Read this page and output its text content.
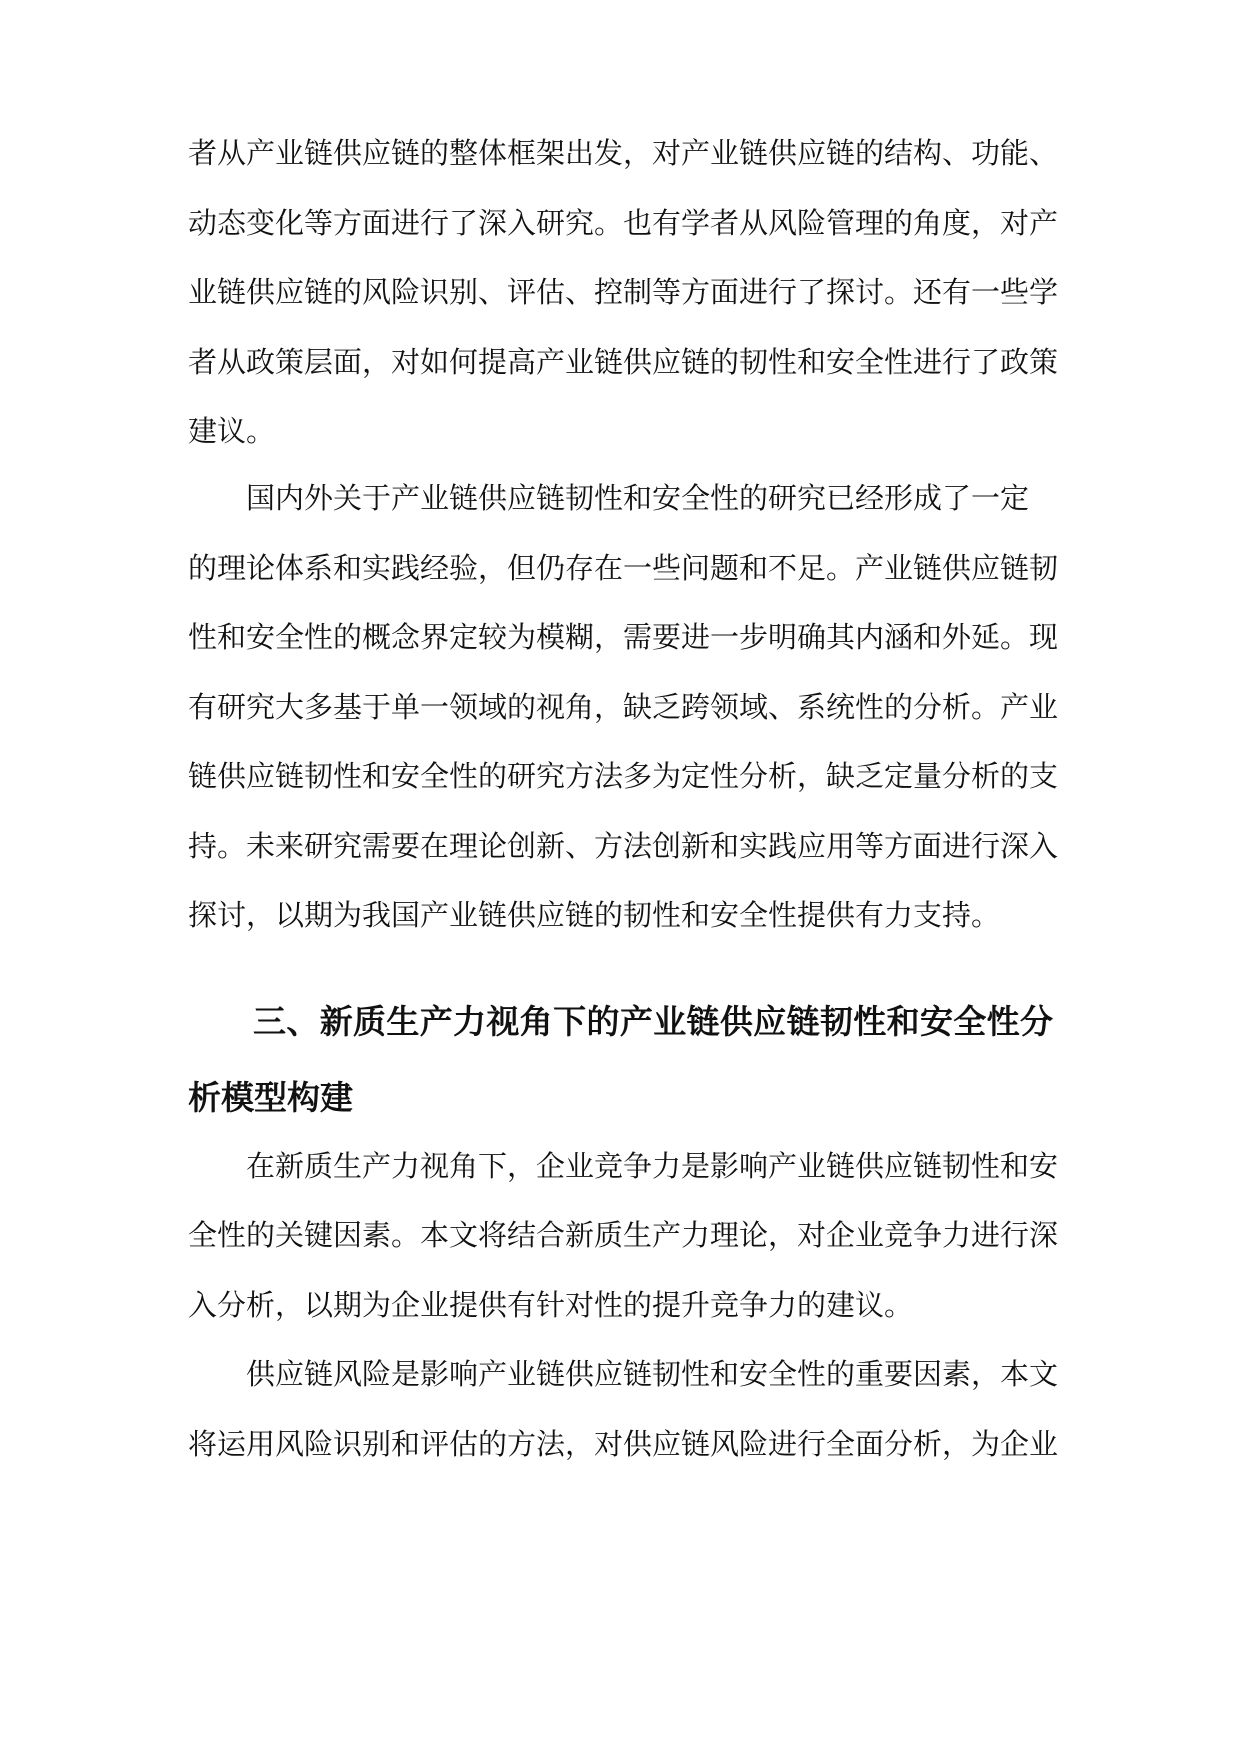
者从产业链供应链的整体框架出发，对产业链供应链的结构、功能、
动态变化等方面进行了深入研究。也有学者从风险管理的角度，对产
业链供应链的风险识别、评估、控制等方面进行了探讨。还有一些学
者从政策层面，对如何提高产业链供应链的韧性和安全性进行了政策
建议。
国内外关于产业链供应链韧性和安全性的研究已经形成了一定
的理论体系和实践经验，但仍存在一些问题和不足。产业链供应链韧
性和安全性的概念界定较为模糊，需要进一步明确其内涵和外延。现
有研究大多基于单一领域的视角，缺乏跨领域、系统性的分析。产业
链供应链韧性和安全性的研究方法多为定性分析，缺乏定量分析的支
持。未来研究需要在理论创新、方法创新和实践应用等方面进行深入
探讨，以期为我国产业链供应链的韧性和安全性提供有力支持。
三、新质生产力视角下的产业链供应链韧性和安全性分
析模型构建
在新质生产力视角下，企业竞争力是影响产业链供应链韧性和安
全性的关键因素。本文将结合新质生产力理论，对企业竞争力进行深
入分析，以期为企业提供有针对性的提升竞争力的建议。
供应链风险是影响产业链供应链韧性和安全性的重要因素，本文
将运用风险识别和评估的方法，对供应链风险进行全面分析，为企业
